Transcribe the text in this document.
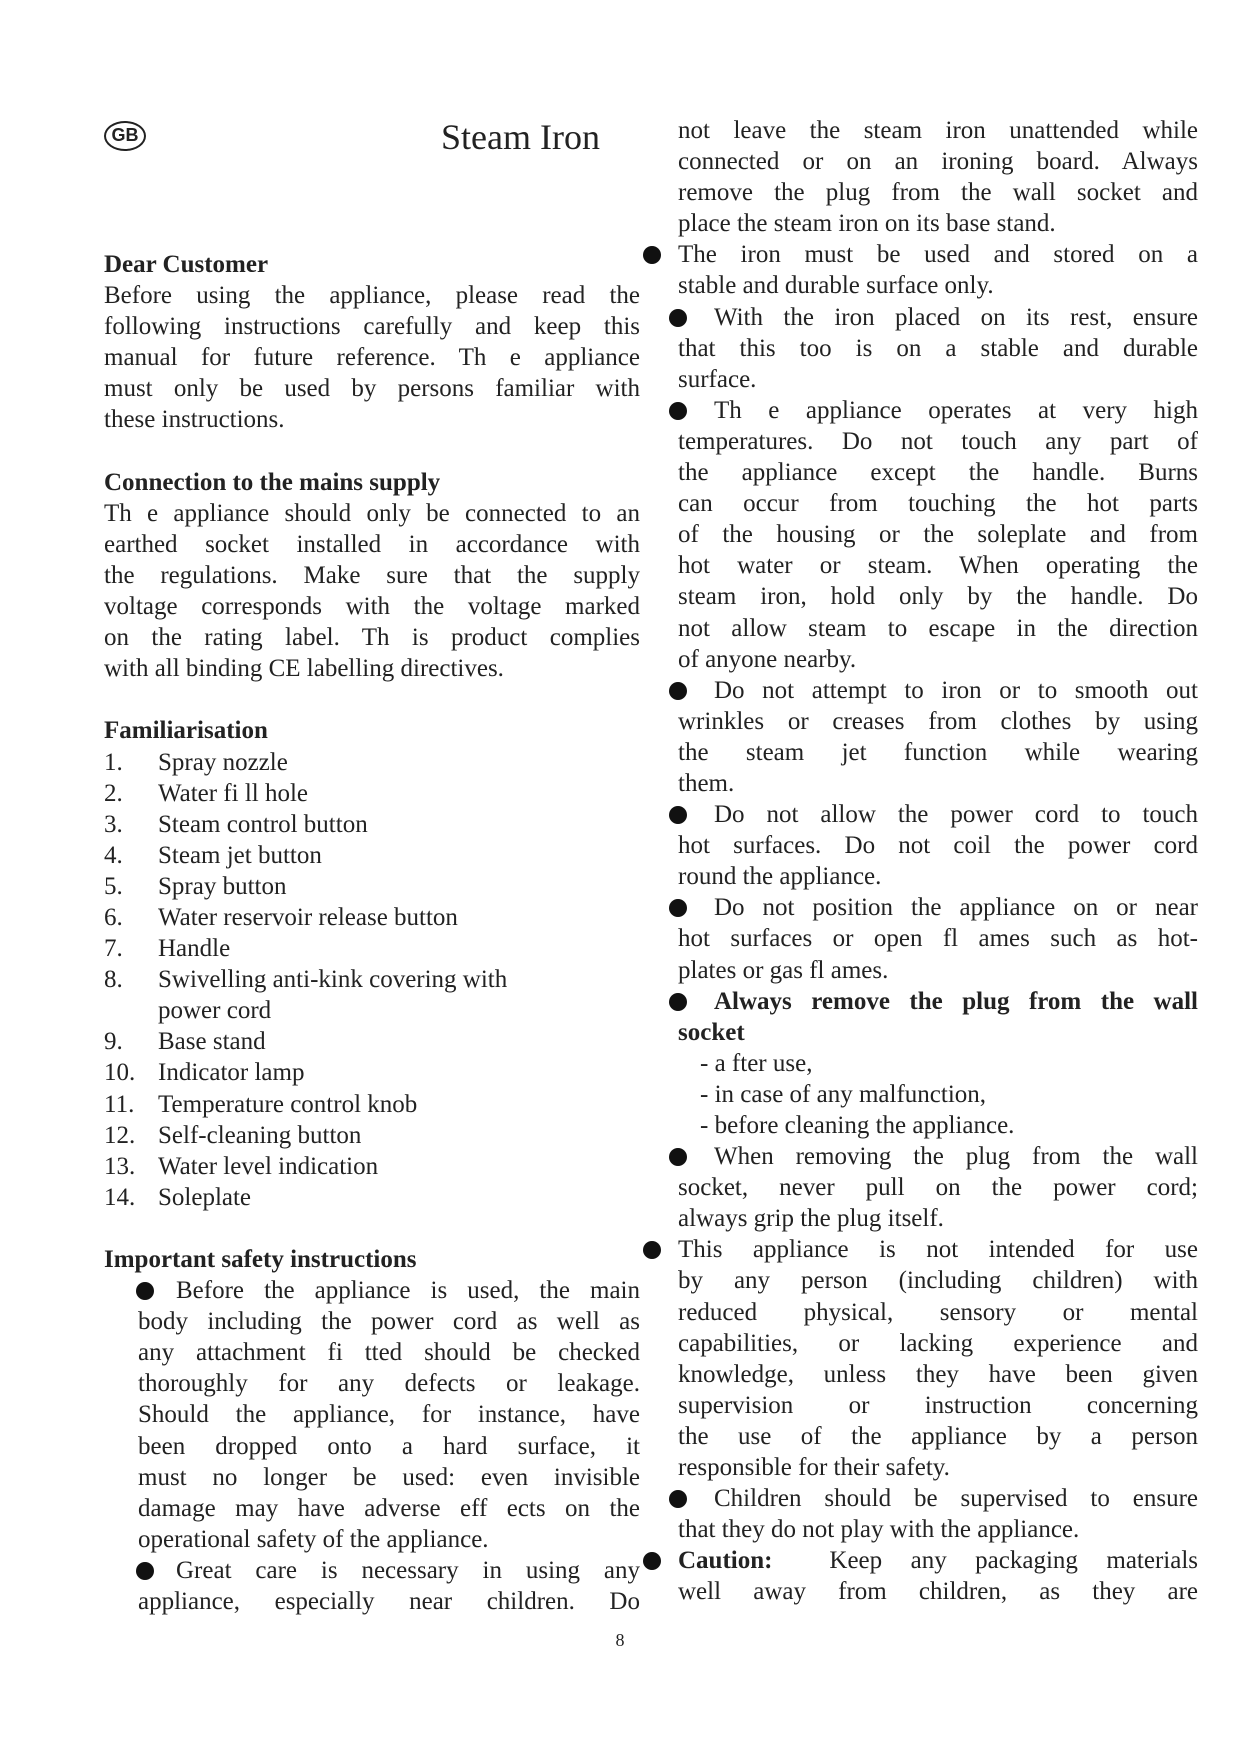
GB	Steam Iron

Dear Customer

Before using the appliance, please read the

following instructions carefully and keep this

manual for future reference. Th e appliance

must only be used by persons familiar with

these instructions.

Connection to the mains supply

Th e appliance should only be connected to an

earthed socket installed in accordance with

the regulations. Make sure that the supply

voltage corresponds with the voltage marked

on the rating label. Th is product complies

with all binding CE labelling directives.

Familiarisation

1. Spray nozzle
2. Water fi ll hole
3. Steam control button
4. Steam jet button
5. Spray button
6. Water reservoir release button
7. Handle
8. Swivelling anti-kink covering with
power cord
9. Base stand
10. Indicator lamp
11. Temperature control knob
12. Self-cleaning button
13. Water level indication
14. Soleplate

Important safety instructions

Before the appliance is used, the main

body including the power cord as well as

any attachment fi tted should be checked

thoroughly for any defects or leakage.

Should the appliance, for instance, have

been dropped onto a hard surface, it

must no longer be used: even invisible

damage may have adverse eff ects on the

operational safety of the appliance.

Great care is necessary in using any

appliance, especially near children. Do

not leave the steam iron unattended while

connected or on an ironing board. Always

remove the plug from the wall socket and

place the steam iron on its base stand.

The iron must be used and stored on a

stable and durable surface only.

With the iron placed on its rest, ensure

that this too is on a stable and durable

surface.

Th e appliance operates at very high

temperatures. Do not touch any part of

the appliance except the handle. Burns

can occur from touching the hot parts

of the housing or the soleplate and from

hot water or steam. When operating the

steam iron, hold only by the handle. Do

not allow steam to escape in the direction

of anyone nearby.

Do not attempt to iron or to smooth out

wrinkles or creases from clothes by using

the steam jet function while wearing

them.

Do not allow the power cord to touch

hot surfaces. Do not coil the power cord

round the appliance.

Do not position the appliance on or near

hot surfaces or open fl ames such as hot-

plates or gas fl ames.

Always remove the plug from the wall

socket

- a fter use,

- in case of any malfunction,

- before cleaning the appliance.

When removing the plug from the wall

socket, never pull on the power cord;

always grip the plug itself.

This appliance is not intended for use

by any person (including children) with

reduced physical, sensory or mental

capabilities, or lacking experience and

knowledge, unless they have been given

supervision or instruction concerning

the use of the appliance by a person

responsible for their safety.

Children should be supervised to ensure

that they do not play with the appliance.

Caution: Keep any packaging materials

well away from children, as they are

8
